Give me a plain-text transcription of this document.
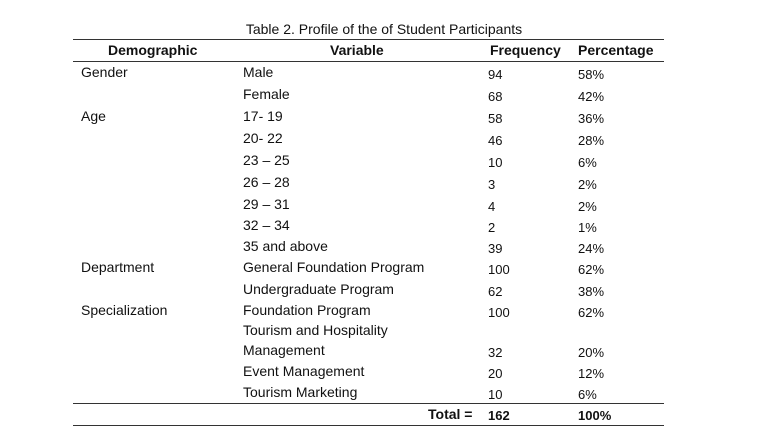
Table 2. Profile of the of Student Participants
Demographic	Variable	Frequency Percentage
Gender	Male	94	58%
Female	68	42%
Age	17- 19	58	36%
20- 22	46	28%
23 – 25	10	6%
26 – 28	3	2%
29 – 31	4	2%
32 – 34	2	1%
35 and above	39	24%
Department	General Foundation Program	100	62%
Undergraduate Program	62	38%
Specialization	Foundation Program	100	62%
Tourism and Hospitality
Management	32	20%
Event Management	20	12%
Tourism Marketing	10	6%
Total = 162	100%
